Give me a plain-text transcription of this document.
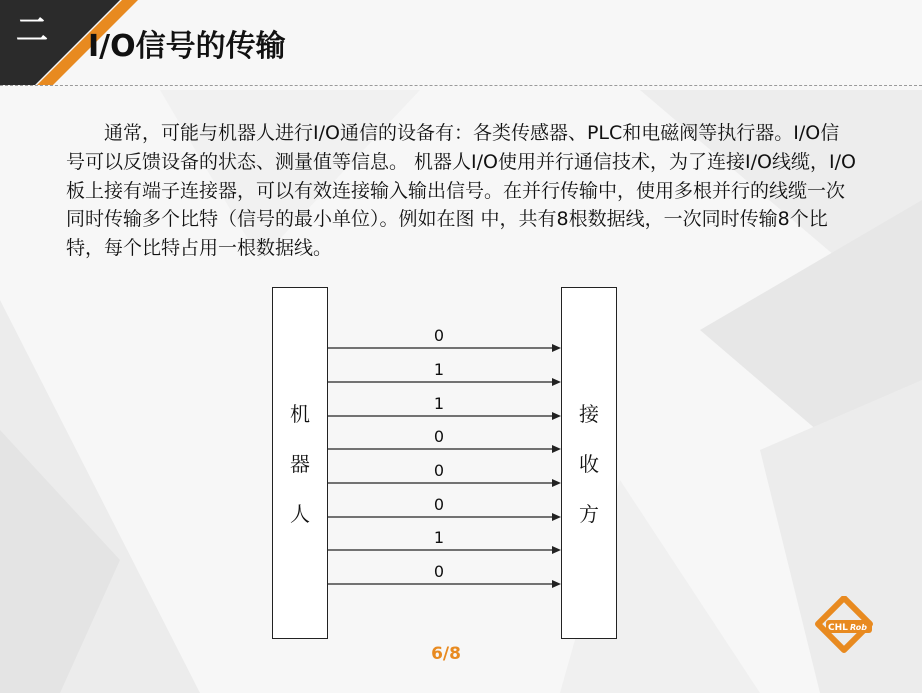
二 I/O信号的传输

通常，可能与机器人进行I/O通信的设备有：各类传感器、PLC和电磁阀等执行器。I/O信号可以反馈设备的状态、测量值等信息。 机器人I/O使用并行通信技术，为了连接I/O线缆，I/O板上接有端子连接器，可以有效连接输入输出信号。在并行传输中，使用多根并行的线缆一次同时传输多个比特（信号的最小单位）。例如在图 中，共有8根数据线，一次同时传输8个比特，每个比特占用一根数据线。

机
器
人
接
收
方
0
1
1
0
0
0
1
0
6/8
CHL Rob
